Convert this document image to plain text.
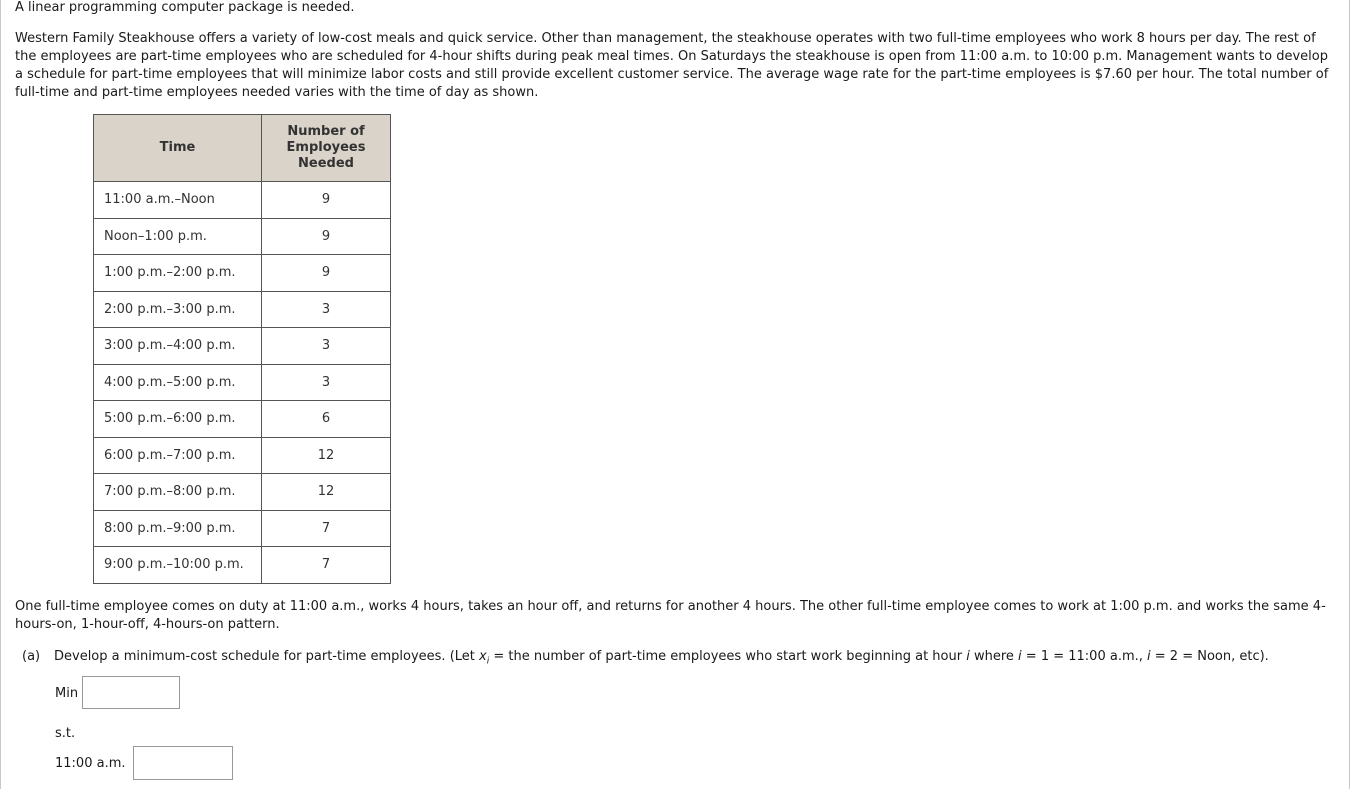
A linear programming computer package is needed.
Western Family Steakhouse offers a variety of low-cost meals and quick service. Other than management, the steakhouse operates with two full-time employees who work 8 hours per day. The rest of the employees are part-time employees who are scheduled for 4-hour shifts during peak meal times. On Saturdays the steakhouse is open from 11:00 a.m. to 10:00 p.m. Management wants to develop a schedule for part-time employees that will minimize labor costs and still provide excellent customer service. The average wage rate for the part-time employees is $7.60 per hour. The total number of full-time and part-time employees needed varies with the time of day as shown.
Time	Number of Employees Needed

11:00 a.m.–Noon	9
Noon–1:00 p.m.	9
1:00 p.m.–2:00 p.m.	9
2:00 p.m.–3:00 p.m.	3
3:00 p.m.–4:00 p.m.	3
4:00 p.m.–5:00 p.m.	3
5:00 p.m.–6:00 p.m.	6
6:00 p.m.–7:00 p.m.	12
7:00 p.m.–8:00 p.m.	12
8:00 p.m.–9:00 p.m.	7
9:00 p.m.–10:00 p.m.	7
One full-time employee comes on duty at 11:00 a.m., works 4 hours, takes an hour off, and returns for another 4 hours. The other full-time employee comes to work at 1:00 p.m. and works the same 4-hours-on, 1-hour-off, 4-hours-on pattern.
(a) Develop a minimum-cost schedule for part-time employees. (Let $x_i$ = the number of part-time employees who start work beginning at hour i where i = 1 = 11:00 a.m., i = 2 = Noon, etc).
Min
s.t.
11:00 a.m.
